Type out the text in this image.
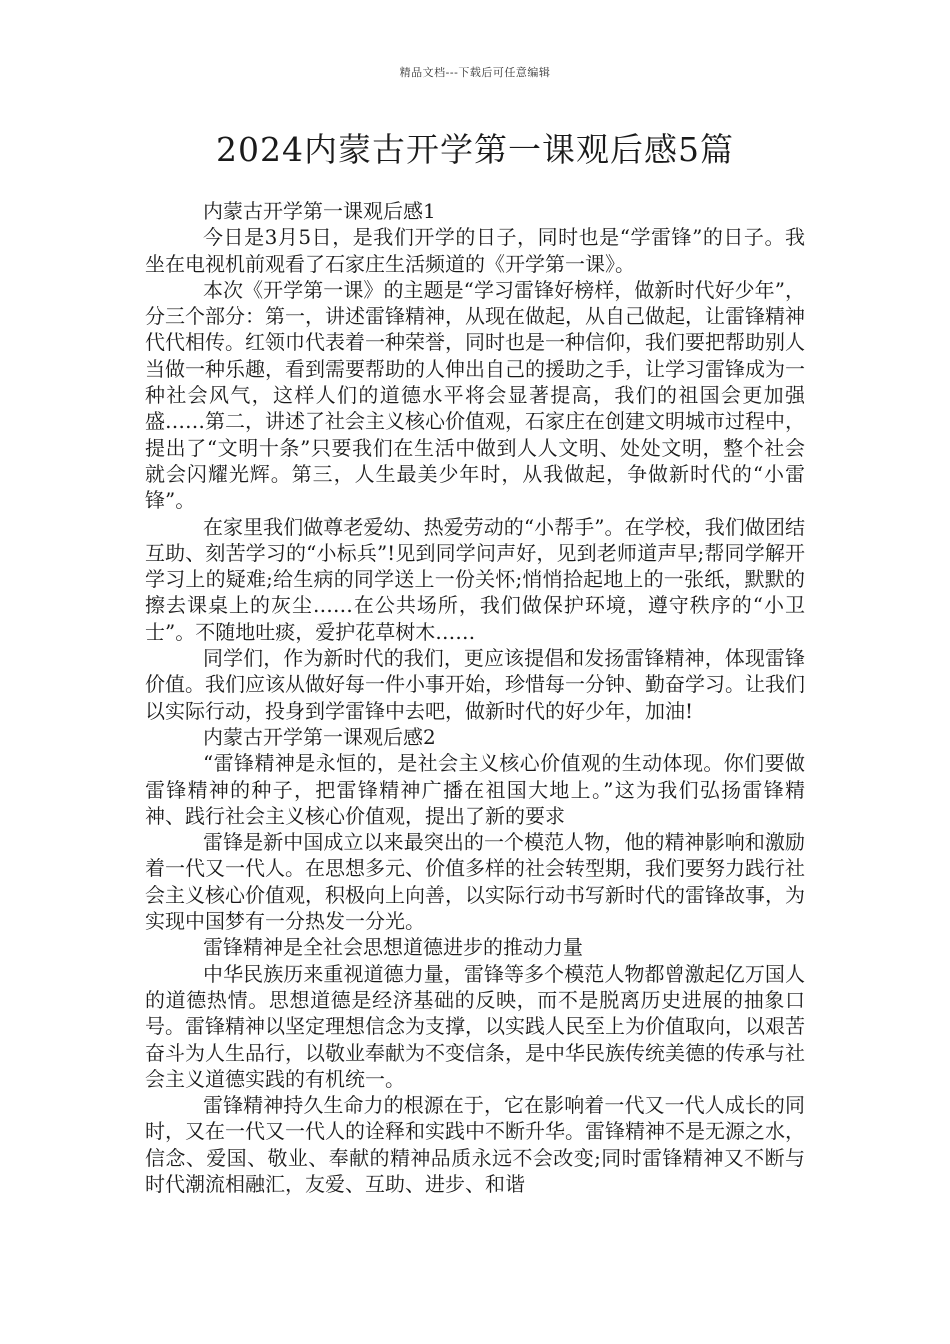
精品文档---下载后可任意编辑
2024内蒙古开学第一课观后感5篇

内蒙古开学第一课观后感1

今日是3月5日，是我们开学的日子，同时也是“学雷锋”的日子。我坐在电视机前观看了石家庄生活频道的《开学第一课》。

本次《开学第一课》的主题是“学习雷锋好榜样，做新时代好少年”，分三个部分：第一，讲述雷锋精神，从现在做起，从自己做起，让雷锋精神代代相传。红领巾代表着一种荣誉，同时也是一种信仰，我们要把帮助别人当做一种乐趣，看到需要帮助的人伸出自己的援助之手，让学习雷锋成为一种社会风气，这样人们的道德水平将会显著提高，我们的祖国会更加强盛……第二，讲述了社会主义核心价值观，石家庄在创建文明城市过程中，提出了“文明十条”只要我们在生活中做到人人文明、处处文明，整个社会就会闪耀光辉。第三，人生最美少年时，从我做起，争做新时代的“小雷锋”。

在家里我们做尊老爱幼、热爱劳动的“小帮手”。在学校，我们做团结互助、刻苦学习的“小标兵”!见到同学问声好，见到老师道声早;帮同学解开学习上的疑难;给生病的同学送上一份关怀;悄悄拾起地上的一张纸，默默的擦去课桌上的灰尘……在公共场所，我们做保护环境，遵守秩序的“小卫士”。不随地吐痰，爱护花草树木……

同学们，作为新时代的我们，更应该提倡和发扬雷锋精神，体现雷锋价值。我们应该从做好每一件小事开始，珍惜每一分钟、勤奋学习。让我们以实际行动，投身到学雷锋中去吧，做新时代的好少年，加油!

内蒙古开学第一课观后感2

“雷锋精神是永恒的，是社会主义核心价值观的生动体现。你们要做雷锋精神的种子，把雷锋精神广播在祖国大地上。”这为我们弘扬雷锋精神、践行社会主义核心价值观，提出了新的要求

雷锋是新中国成立以来最突出的一个模范人物，他的精神影响和激励着一代又一代人。在思想多元、价值多样的社会转型期，我们要努力践行社会主义核心价值观，积极向上向善，以实际行动书写新时代的雷锋故事，为实现中国梦有一分热发一分光。

雷锋精神是全社会思想道德进步的推动力量

中华民族历来重视道德力量，雷锋等多个模范人物都曾激起亿万国人的道德热情。思想道德是经济基础的反映，而不是脱离历史进展的抽象口号。雷锋精神以坚定理想信念为支撑，以实践人民至上为价值取向，以艰苦奋斗为人生品行，以敬业奉献为不变信条，是中华民族传统美德的传承与社会主义道德实践的有机统一。

雷锋精神持久生命力的根源在于，它在影响着一代又一代人成长的同时，又在一代又一代人的诠释和实践中不断升华。雷锋精神不是无源之水，信念、爱国、敬业、奉献的精神品质永远不会改变;同时雷锋精神又不断与时代潮流相融汇，友爱、互助、进步、和谐
